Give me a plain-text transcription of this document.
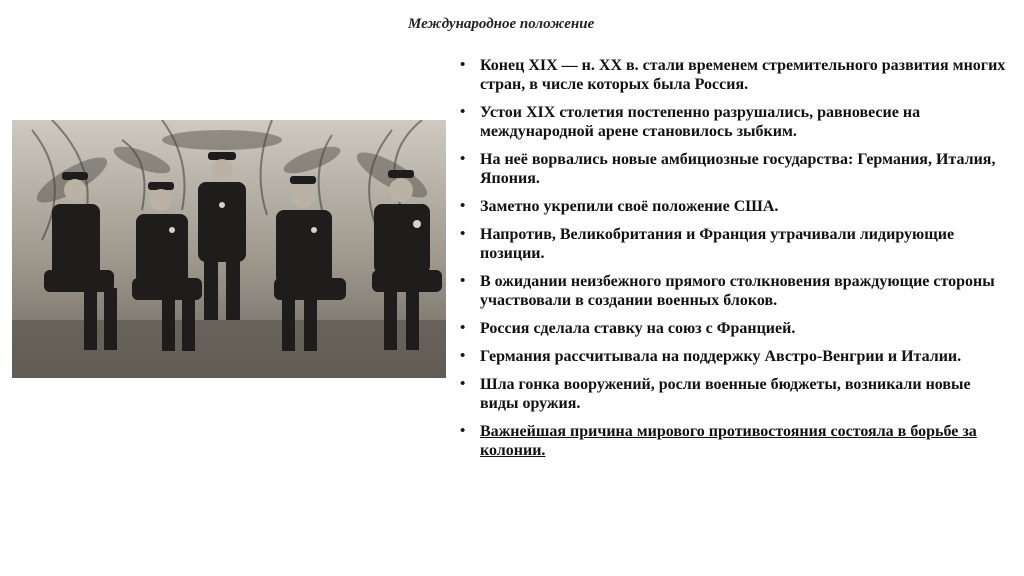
Международное положение
• Конец XIX — н. XX в. стали временем стремительного развития многих стран, в числе которых была Россия.
• Устои XIX столетия постепенно разрушались, равновесие на международной арене становилось зыбким.
• На неё ворвались новые амбициозные государства: Германия, Италия, Япония.
• Заметно укрепили своё положение США.
• Напротив, Великобритания и Франция утрачивали лидирующие позиции.
• В ожидании неизбежного прямого столкновения враждующие стороны участвовали в создании военных блоков.
• Россия сделала ставку на союз с Францией.
• Германия рассчитывала на поддержку Австро-Венгрии и Италии.
• Шла гонка вооружений, росли военные бюджеты, возникали новые виды оружия.
• Важнейшая причина мирового противостояния состояла в борьбе за колонии.
